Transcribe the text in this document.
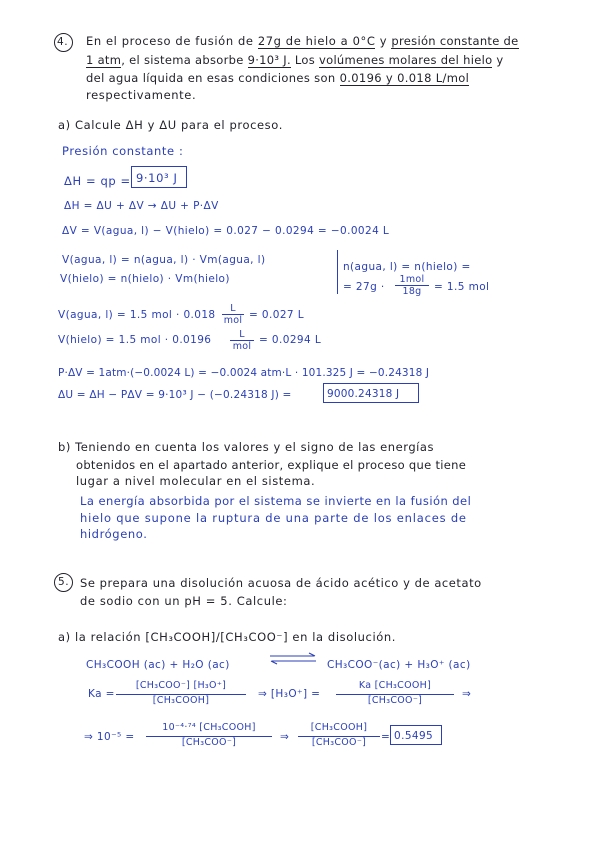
4. En el proceso de fusión de 27g de hielo a 0°C y presión constante de
1 atm, el sistema absorbe 9·10³ J. Los volúmenes molares del hielo y
del agua líquida en esas condiciones son 0.0196 y 0.018 L/mol
respectivamente.
a) Calcule ΔH y ΔU para el proceso.
Presión constante :
ΔH = qp = 9·10³ J
ΔH = ΔU + ΔV → ΔU + P·ΔV
ΔV = V(agua, l) − V(hielo) = 0.027 − 0.0294 = −0.0024 L
V(agua, l) = n(agua, l) · Vm(agua, l)
V(hielo) = n(hielo) · Vm(hielo)
n(agua, l) = n(hielo) =
= 27g ·
1mol
18g	= 1.5 mol
V(agua, l) = 1.5 mol · 0.018
L
mol = 0.027 L
V(hielo) = 1.5 mol · 0.0196	L
mol
= 0.0294 L
P·ΔV = 1atm·(−0.0024 L) = −0.0024 atm·L · 101.325 J = −0.24318 J
ΔU = ΔH − PΔV = 9·10³ J − (−0.24318 J) =	9000.24318 J
b) Teniendo en cuenta los valores y el signo de las energías
obtenidos en el apartado anterior, explique el proceso que tiene
lugar a nivel molecular en el sistema.
La energía absorbida por el sistema se invierte en la fusión del
hielo que supone la ruptura de una parte de los enlaces de
hidrógeno.
5. Se prepara una disolución acuosa de ácido acético y de acetato
de sodio con un pH = 5. Calcule:
a) la relación [CH₃COOH]/[CH₃COO⁻] en la disolución.
CH₃COOH (ac) + H₂O (ac) ⇌ CH₃COO⁻(ac) + H₃O⁺ (ac)
Ka =
[CH₃COO⁻] [H₃O⁺]
[CH₃COOH]
⇒ [H₃O⁺] =
Ka [CH₃COOH]
[CH₃COO⁻]
⇒
⇒ 10⁻⁵ =
10⁻⁴·⁷⁴ [CH₃COOH]
[CH₃COO⁻]	⇒
[CH₃COOH]
[CH₃COO⁻]	= 0.5495
